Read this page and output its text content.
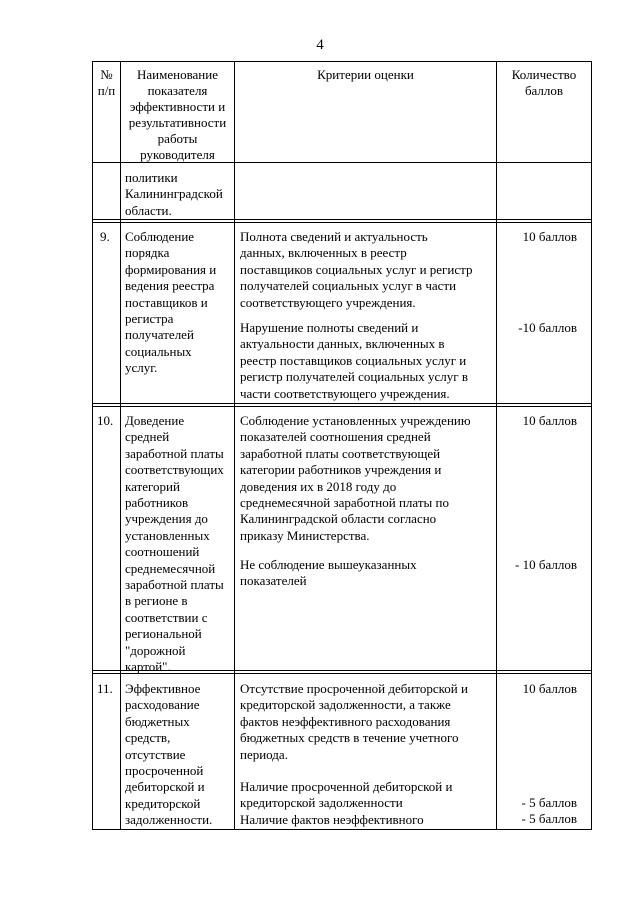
4
№
п/п
Наименование
показателя
эффективности и
результативности
работы
руководителя
Критерии оценки	Количество
баллов
политики
Калининградской
области.
9. Соблюдение
порядка
формирования и
ведения реестра
поставщиков и
регистра
получателей
социальных
услуг.
Полнота сведений и актуальность
данных, включенных в реестр
поставщиков социальных услуг и регистр
получателей социальных услуг в части
соответствующего учреждения.
10 баллов
Нарушение полноты сведений и
актуальности данных, включенных в
реестр поставщиков социальных услуг и
регистр получателей социальных услуг в
части соответствующего учреждения.
-10 баллов
10. Доведение
средней
заработной платы
соответствующих
категорий
работников
учреждения до
установленных
соотношений
среднемесячной
заработной платы
в регионе в
соответствии с
региональной
"дорожной
картой".
Соблюдение установленных учреждению
показателей соотношения средней
заработной платы соответствующей
категории работников учреждения и
доведения их в 2018 году до
среднемесячной заработной платы по
Калининградской области согласно
приказу Министерства.
10 баллов
Не соблюдение вышеуказанных
показателей
- 10 баллов
11. Эффективное
расходование
бюджетных
средств,
отсутствие
просроченной
дебиторской и
кредиторской
задолженности.
Отсутствие просроченной дебиторской и
кредиторской задолженности, а также
фактов неэффективного расходования
бюджетных средств в течение учетного
периода.
10 баллов
Наличие просроченной дебиторской и
кредиторской задолженности
Наличие фактов неэффективного
- 5 баллов
- 5 баллов
